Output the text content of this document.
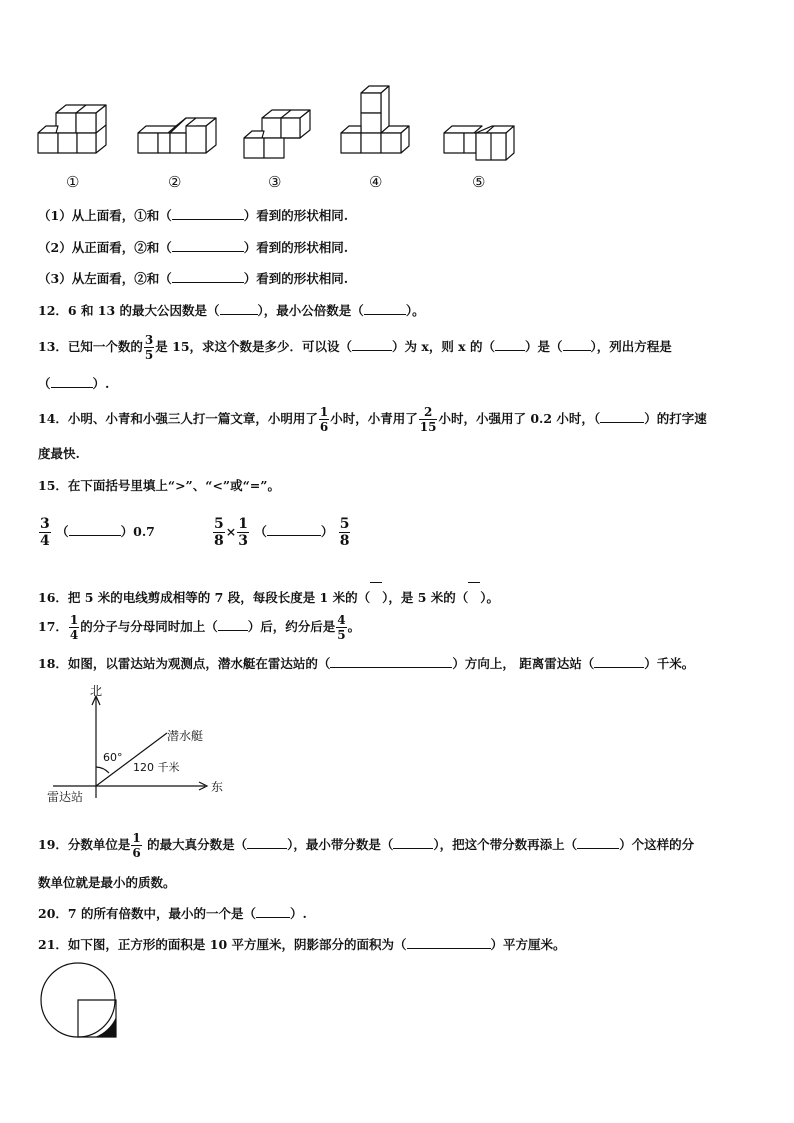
①	②	③	④	⑤
（1）从上面看，①和（	）看到的形状相同.
（2）从正面看，②和（	）看到的形状相同.
（3）从左面看，②和（	）看到的形状相同.
12．6 和 13 的最大公因数是（	），最小公倍数是（	）。
13．已知一个数的 $\frac{3}{5}$ 是 15，求这个数是多少．可以设（	）为 x，则 x 的（ ）是（ ），列出方程是
（	）.
14．小明、小青和小强三人打一篇文章，小明用了 $\frac{1}{6}$ 小时，小青用了 $\frac{2}{15}$ 小时，小强用了 0.2 小时，（	）的打字速
度最快.
15．在下面括号里填上“>”、“<”或“=”。
$\frac{3}{4}$ （	）0.7	$\frac{5}{8} \times \frac{1}{3}$ （	） $\frac{5}{8}$
16．把 5 米的电线剪成相等的 7 段，每段长度是 1 米的（ ），是 5 米的（ ）。
17． $\frac{1}{4}$ 的分子与分母同时加上（ ）后，约分后是 $\frac{4}{5}$ 。
18．如图，以雷达站为观测点，潜水艇在雷达站的（	）方向上， 距离雷达站（	）千米。
北
东
雷达站
潜水艇
60°
120 千米
19．分数单位是 $\frac{1}{6}$ 的最大真分数是（	），最小带分数是（	），把这个带分数再添上（	）个这样的分
数单位就是最小的质数。
20．7 的所有倍数中，最小的一个是（	）.
21．如下图，正方形的面积是 10 平方厘米，阴影部分的面积为（	）平方厘米。
